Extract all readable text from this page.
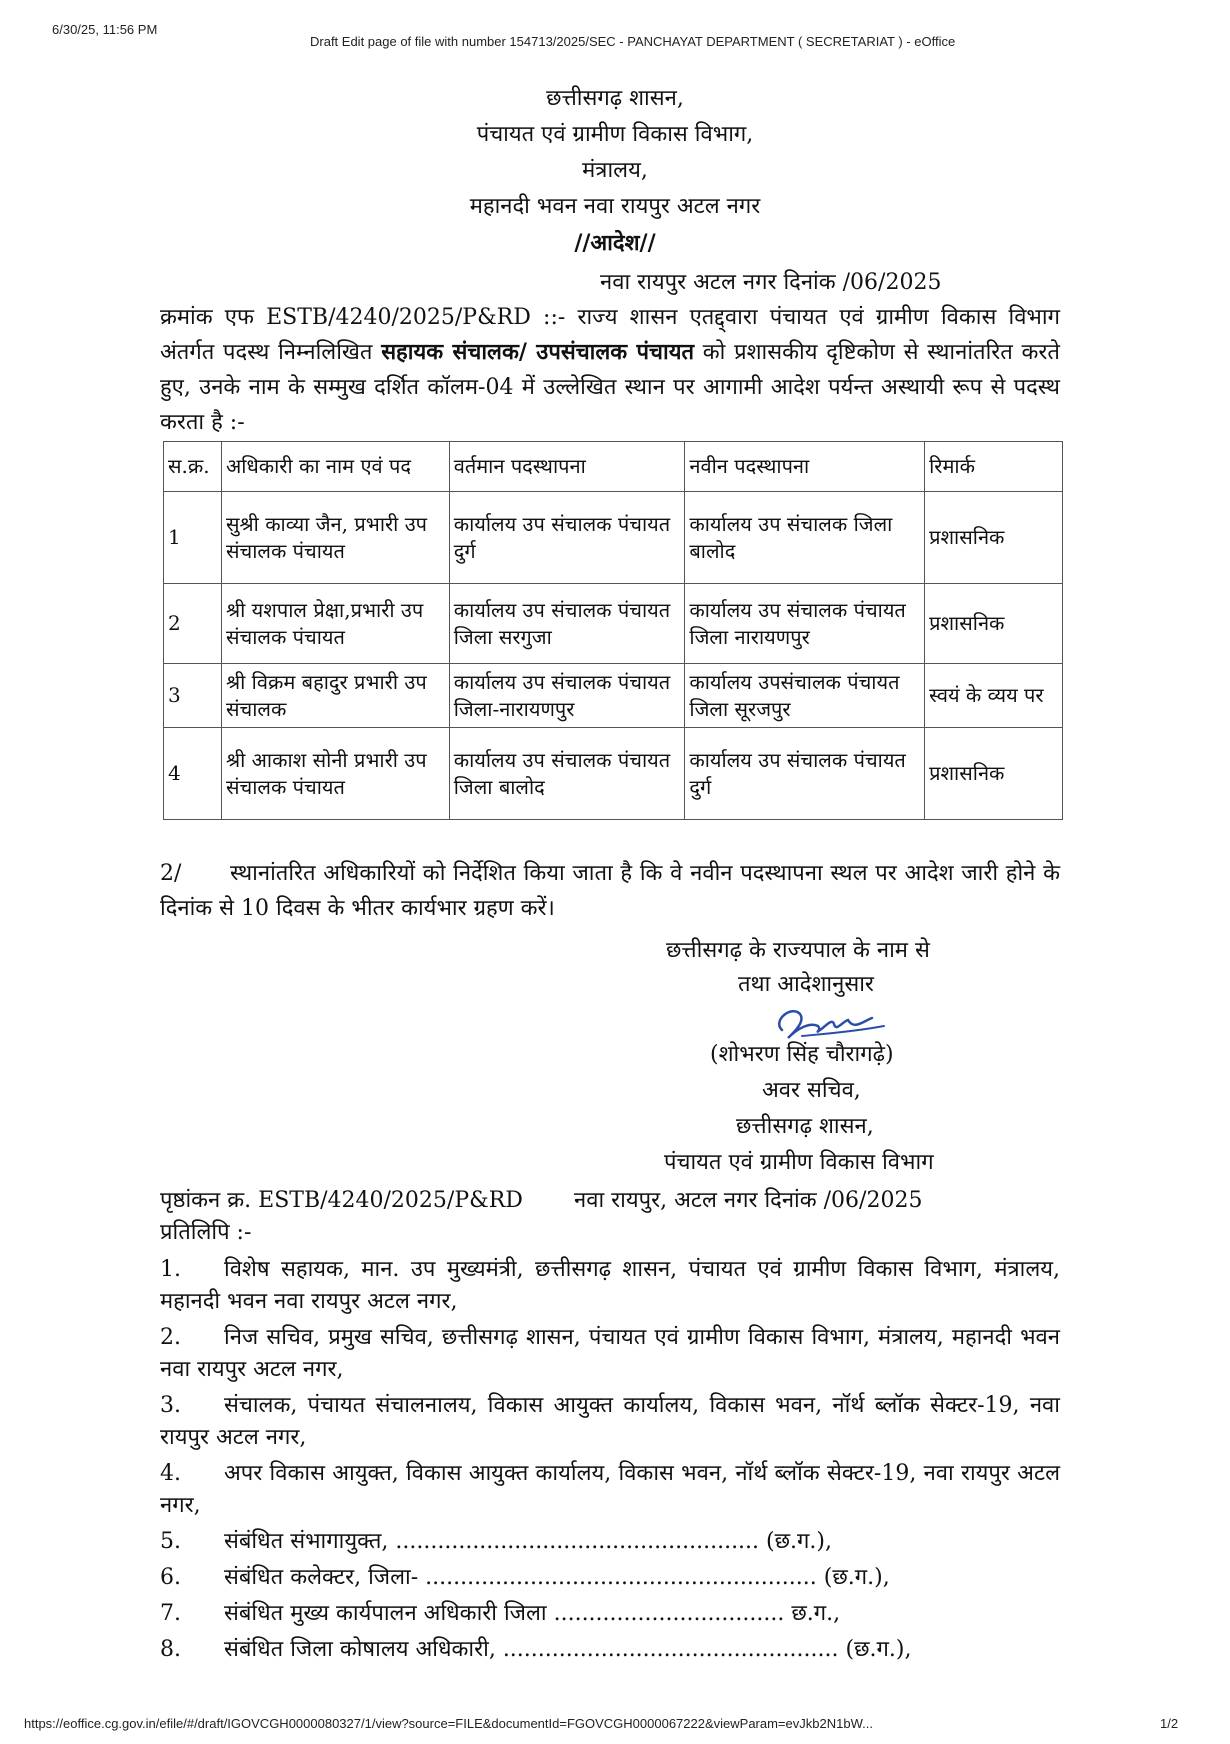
6/30/25, 11:56 PM
Draft Edit page of file with number 154713/2025/SEC - PANCHAYAT DEPARTMENT ( SECRETARIAT ) - eOffice
छत्तीसगढ़ शासन,
पंचायत एवं ग्रामीण विकास विभाग,
मंत्रालय,
महानदी भवन नवा रायपुर अटल नगर
//आदेश//
नवा रायपुर अटल नगर दिनांक /06/2025
क्रमांक एफ ESTB/4240/2025/P&RD ::- राज्य शासन एतद्द्वारा पंचायत एवं ग्रामीण विकास विभाग अंतर्गत पदस्थ निम्नलिखित सहायक संचालक/ उपसंचालक पंचायत को प्रशासकीय दृष्टिकोण से स्थानांतरित करते हुए, उनके नाम के सम्मुख दर्शित कॉलम-04 में उल्लेखित स्थान पर आगामी आदेश पर्यन्त अस्थायी रूप से पदस्थ करता है :-
स.क्र.	अधिकारी का नाम एवं पद	वर्तमान पदस्थापना	नवीन पदस्थापना	रिमार्क
1	सुश्री काव्या जैन, प्रभारी उप संचालक पंचायत	कार्यालय उप संचालक पंचायत दुर्ग	कार्यालय उप संचालक जिला बालोद	प्रशासनिक
2	श्री यशपाल प्रेक्षा,प्रभारी उप संचालक पंचायत	कार्यालय उप संचालक पंचायत जिला सरगुजा	कार्यालय उप संचालक पंचायत जिला नारायणपुर	प्रशासनिक
3	श्री विक्रम बहादुर प्रभारी उप संचालक	कार्यालय उप संचालक पंचायत जिला-नारायणपुर	कार्यालय उपसंचालक पंचायत जिला सूरजपुर	स्वयं के व्यय पर
4	श्री आकाश सोनी प्रभारी उप संचालक पंचायत	कार्यालय उप संचालक पंचायत जिला बालोद	कार्यालय उप संचालक पंचायत दुर्ग	प्रशासनिक
2/ स्थानांतरित अधिकारियों को निर्देशित किया जाता है कि वे नवीन पदस्थापना स्थल पर आदेश जारी होने के दिनांक से 10 दिवस के भीतर कार्यभार ग्रहण करें।
छत्तीसगढ़ के राज्यपाल के नाम से
तथा आदेशानुसार
(शोभरण सिंह चौरागढ़े)
अवर सचिव,
छत्तीसगढ़ शासन,
पंचायत एवं ग्रामीण विकास विभाग
पृष्ठांकन क्र. ESTB/4240/2025/P&RD नवा रायपुर, अटल नगर दिनांक /06/2025
प्रतिलिपि :-
1. विशेष सहायक, मान. उप मुख्यमंत्री, छत्तीसगढ़ शासन, पंचायत एवं ग्रामीण विकास विभाग, मंत्रालय, महानदी भवन नवा रायपुर अटल नगर,
2. निज सचिव, प्रमुख सचिव, छत्तीसगढ़ शासन, पंचायत एवं ग्रामीण विकास विभाग, मंत्रालय, महानदी भवन नवा रायपुर अटल नगर,
3. संचालक, पंचायत संचालनालय, विकास आयुक्त कार्यालय, विकास भवन, नॉर्थ ब्लॉक सेक्टर-19, नवा रायपुर अटल नगर,
4. अपर विकास आयुक्त, विकास आयुक्त कार्यालय, विकास भवन, नॉर्थ ब्लॉक सेक्टर-19, नवा रायपुर अटल नगर,
5. संबंधित संभागायुक्त, .................................................... (छ.ग.),
6. संबंधित कलेक्टर, जिला- ........................................................ (छ.ग.),
7. संबंधित मुख्य कार्यपालन अधिकारी जिला ................................. छ.ग.,
8. संबंधित जिला कोषालय अधिकारी, ................................................ (छ.ग.),
https://eoffice.cg.gov.in/efile/#/draft/IGOVCGH0000080327/1/view?source=FILE&documentId=FGOVCGH0000067222&viewParam=evJkb2N1bW...	1/2
